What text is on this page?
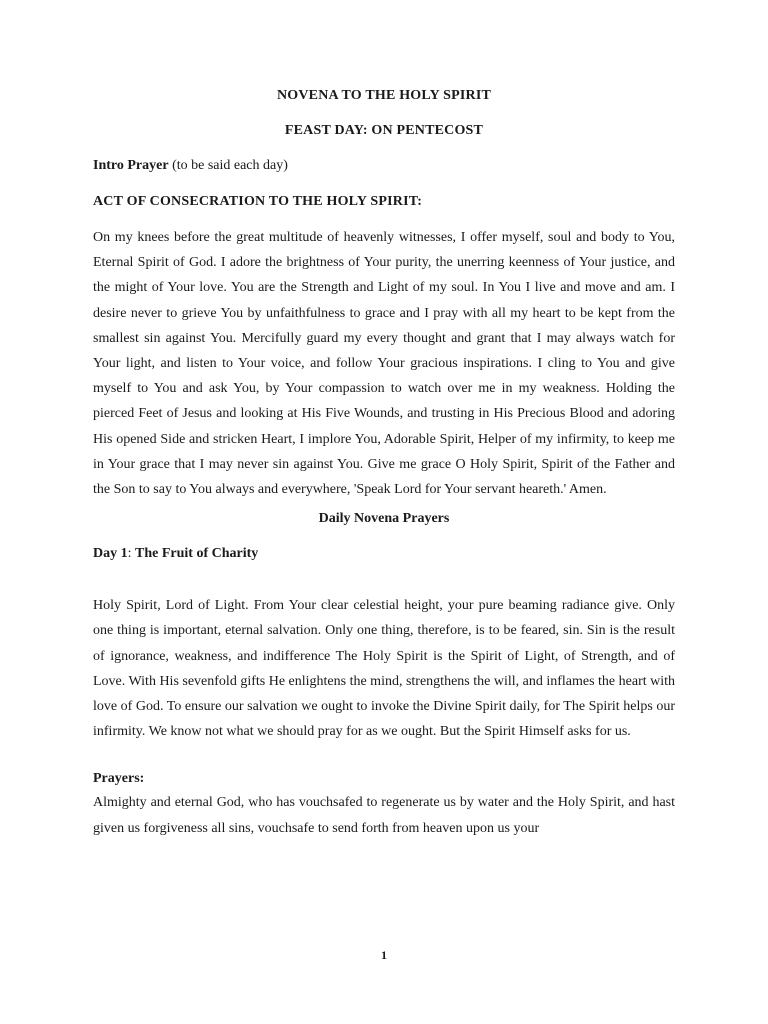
NOVENA TO THE HOLY SPIRIT

FEAST DAY: ON PENTECOST

Intro Prayer (to be said each day)

ACT OF CONSECRATION TO THE HOLY SPIRIT:

On my knees before the great multitude of heavenly witnesses, I offer myself, soul and body to You, Eternal Spirit of God. I adore the brightness of Your purity, the unerring keenness of Your justice, and the might of Your love. You are the Strength and Light of my soul. In You I live and move and am. I desire never to grieve You by unfaithfulness to grace and I pray with all my heart to be kept from the smallest sin against You. Mercifully guard my every thought and grant that I may always watch for Your light, and listen to Your voice, and follow Your gracious inspirations. I cling to You and give myself to You and ask You, by Your compassion to watch over me in my weakness. Holding the pierced Feet of Jesus and looking at His Five Wounds, and trusting in His Precious Blood and adoring His opened Side and stricken Heart, I implore You, Adorable Spirit, Helper of my infirmity, to keep me in Your grace that I may never sin against You. Give me grace O Holy Spirit, Spirit of the Father and the Son to say to You always and everywhere, 'Speak Lord for Your servant heareth.' Amen.

Daily Novena Prayers

Day 1: The Fruit of Charity

Holy Spirit, Lord of Light. From Your clear celestial height, your pure beaming radiance give. Only one thing is important, eternal salvation. Only one thing, therefore, is to be feared, sin. Sin is the result of ignorance, weakness, and indifference The Holy Spirit is the Spirit of Light, of Strength, and of Love. With His sevenfold gifts He enlightens the mind, strengthens the will, and inflames the heart with love of God. To ensure our salvation we ought to invoke the Divine Spirit daily, for The Spirit helps our infirmity. We know not what we should pray for as we ought. But the Spirit Himself asks for us.

Prayers:

Almighty and eternal God, who has vouchsafed to regenerate us by water and the Holy Spirit, and hast given us forgiveness all sins, vouchsafe to send forth from heaven upon us your

1
